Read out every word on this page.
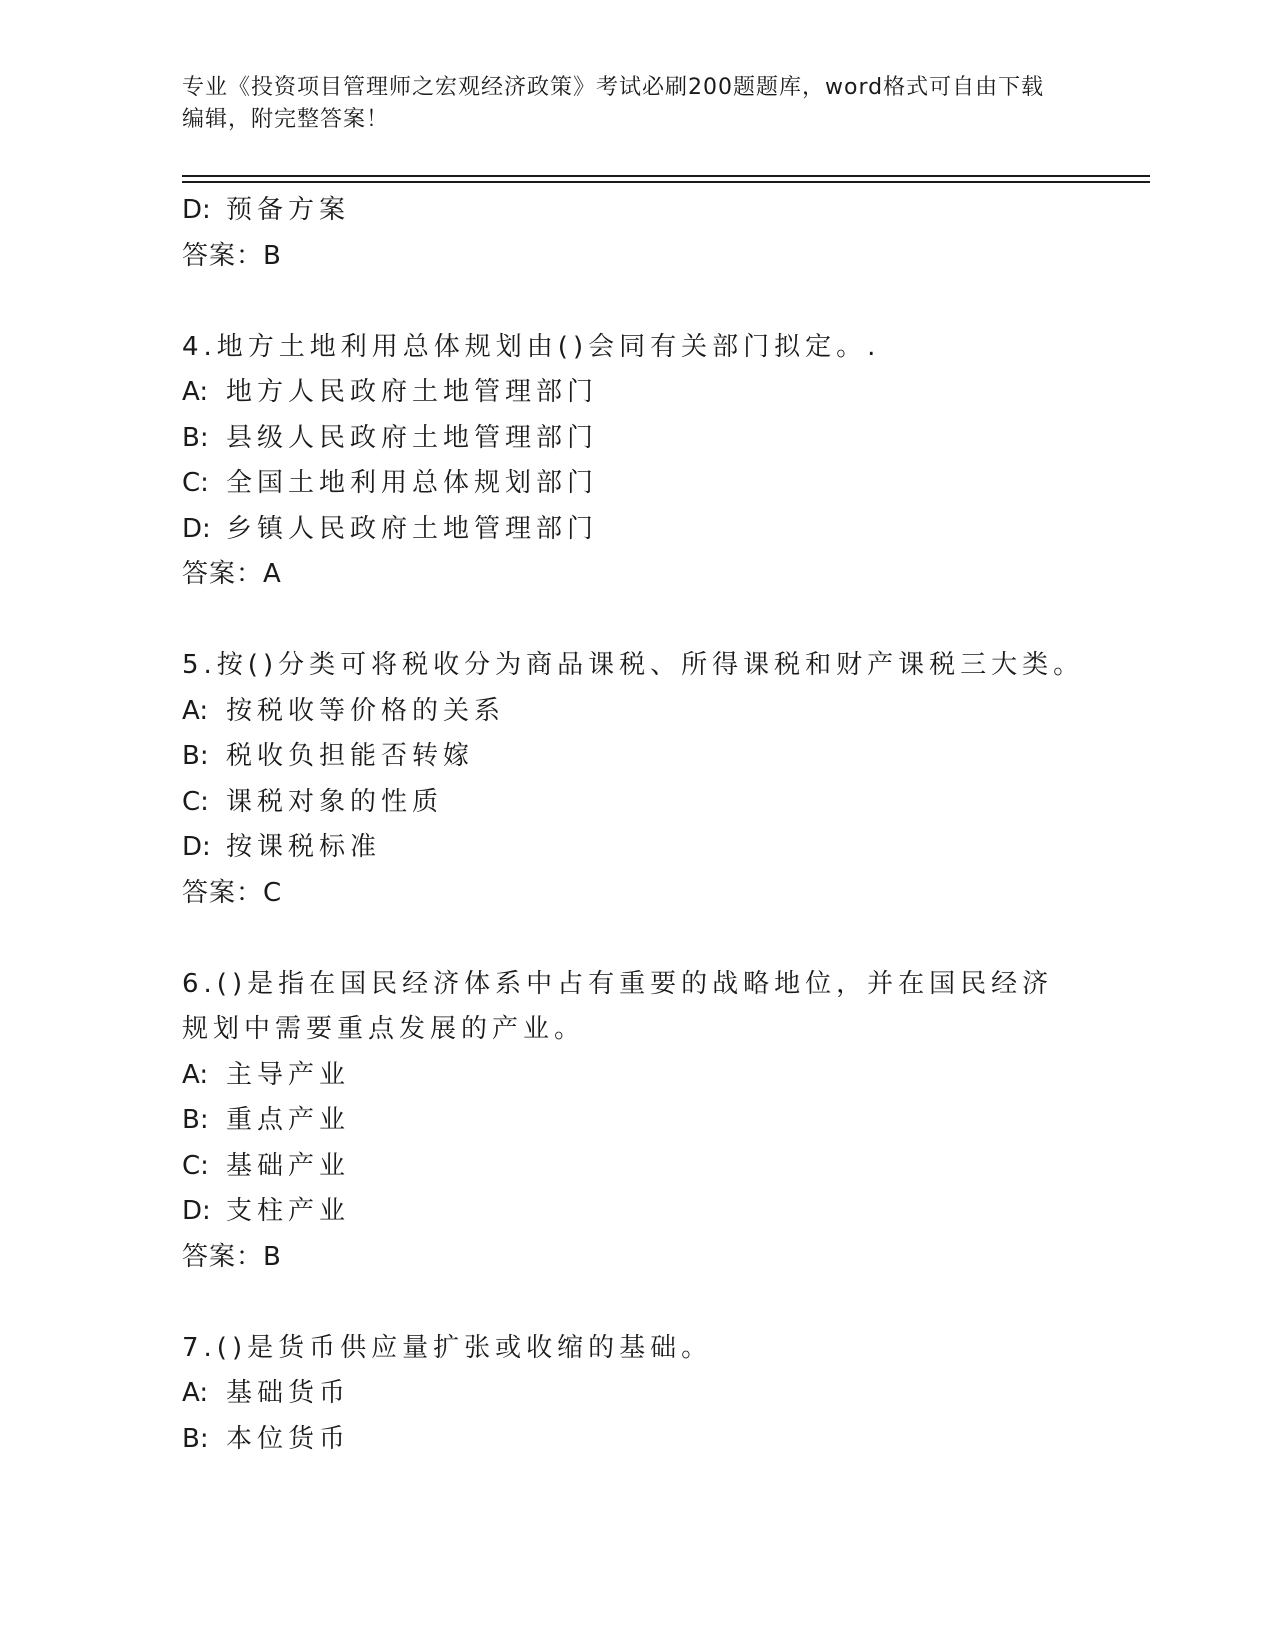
专业《投资项目管理师之宏观经济政策》考试必刷200题题库，word格式可自由下载编辑，附完整答案！
D: 预备方案
答案：B
4.地方土地利用总体规划由()会同有关部门拟定。.
A: 地方人民政府土地管理部门
B: 县级人民政府土地管理部门
C: 全国土地利用总体规划部门
D: 乡镇人民政府土地管理部门
答案：A
5.按()分类可将税收分为商品课税、所得课税和财产课税三大类。
A: 按税收等价格的关系
B: 税收负担能否转嫁
C: 课税对象的性质
D: 按课税标准
答案：C
6.()是指在国民经济体系中占有重要的战略地位，并在国民经济规划中需要重点发展的产业。
A: 主导产业
B: 重点产业
C: 基础产业
D: 支柱产业
答案：B
7.()是货币供应量扩张或收缩的基础。
A: 基础货币
B: 本位货币
